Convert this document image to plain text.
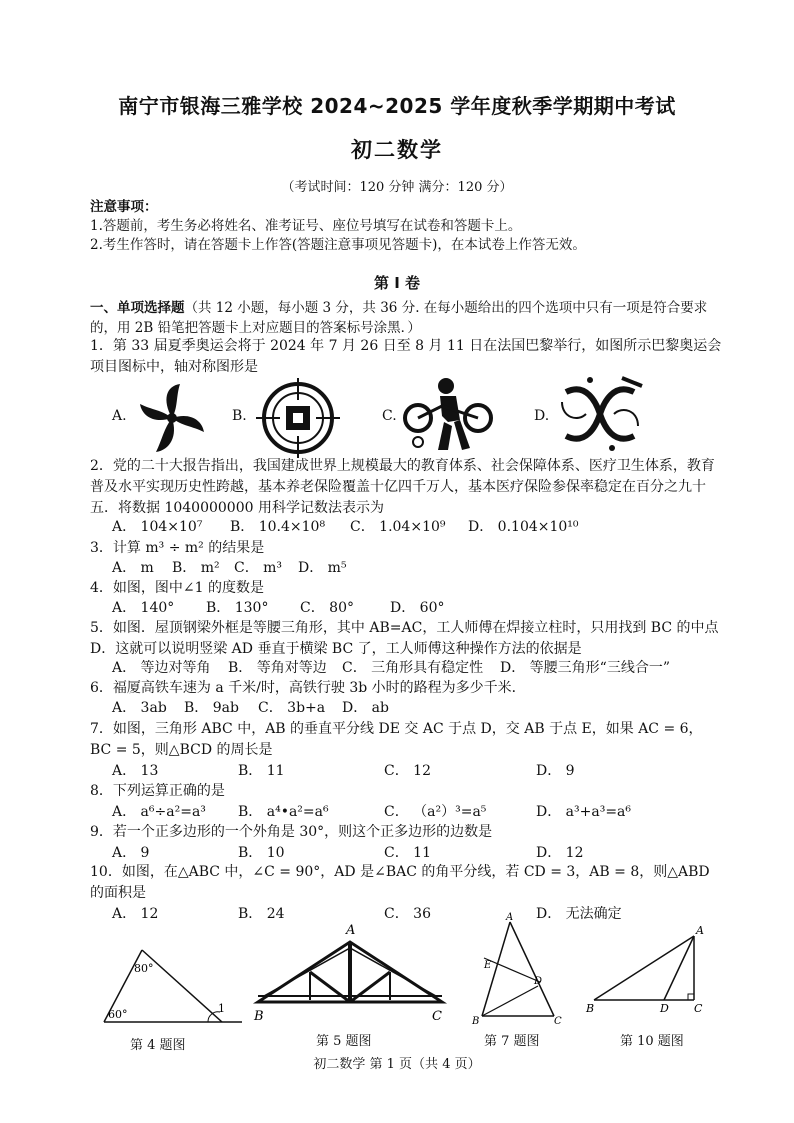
南宁市银海三雅学校 2024~2025 学年度秋季学期期中考试
初二数学
（考试时间：120 分钟 满分：120 分）
注意事项：
1.答题前，考生务必将姓名、准考证号、座位号填写在试卷和答题卡上。
2.考生作答时，请在答题卡上作答(答题注意事项见答题卡)，在本试卷上作答无效。
第 I 卷
一、单项选择题（共 12 小题，每小题 3 分，共 36 分. 在每小题给出的四个选项中只有一项是符合要求的，用 2B 铅笔把答题卡上对应题目的答案标号涂黑．）
1．第 33 届夏季奥运会将于 2024 年 7 月 26 日至 8 月 11 日在法国巴黎举行，如图所示巴黎奥运会项目图标中，轴对称图形是
A.	B.	C.	D.
2．党的二十大报告指出，我国建成世界上规模最大的教育体系、社会保障体系、医疗卫生体系，教育普及水平实现历史性跨越，基本养老保险覆盖十亿四千万人，基本医疗保险参保率稳定在百分之九十五．将数据 1040000000 用科学记数法表示为
A． 104×10⁷ B． 10.4×10⁸ C． 1.04×10⁹ D． 0.104×10¹⁰
3．计算 m³ ÷ m² 的结果是
A． m B． m² C． m³ D． m⁵
4．如图，图中∠1 的度数是
A． 140° B． 130° C． 80°	D． 60°
5．如图．屋顶钢梁外框是等腰三角形，其中 AB=AC，工人师傅在焊接立柱时，只用找到 BC 的中点 D．这就可以说明竖梁 AD 垂直于横梁 BC 了，工人师傅这种操作方法的依据是
A． 等边对等角 B． 等角对等边 C． 三角形具有稳定性 D． 等腰三角形“三线合一”
6．福厦高铁车速为 a 千米/时，高铁行驶 3b 小时的路程为多少千米．
A． 3ab B． 9ab C． 3b+a D． ab
7．如图，三角形 ABC 中，AB 的垂直平分线 DE 交 AC 于点 D，交 AB 于点 E，如果 AC = 6，BC = 5，则△BCD 的周长是
A． 13	B． 11	C． 12	D． 9
8．下列运算正确的是
A． a⁶÷a²=a³ B． a⁴•a²=a⁶	C． （a²）³=a⁵	D． a³+a³=a⁶
9．若一个正多边形的一个外角是 30°，则这个正多边形的边数是
A． 9	B． 10	C． 11	D． 12
10．如图，在△ABC 中，∠C = 90°，AD 是∠BAC 的角平分线，若 CD = 3，AB = 8，则△ABD 的面积是
A． 12	B． 24	C． 36	D． 无法确定
80°
60°	1
第 4 题图
A
B	C
第 5 题图
A
E
D
B	C
第 7 题图
A
B	D C
第 10 题图
初二数学 第 1 页（共 4 页）
